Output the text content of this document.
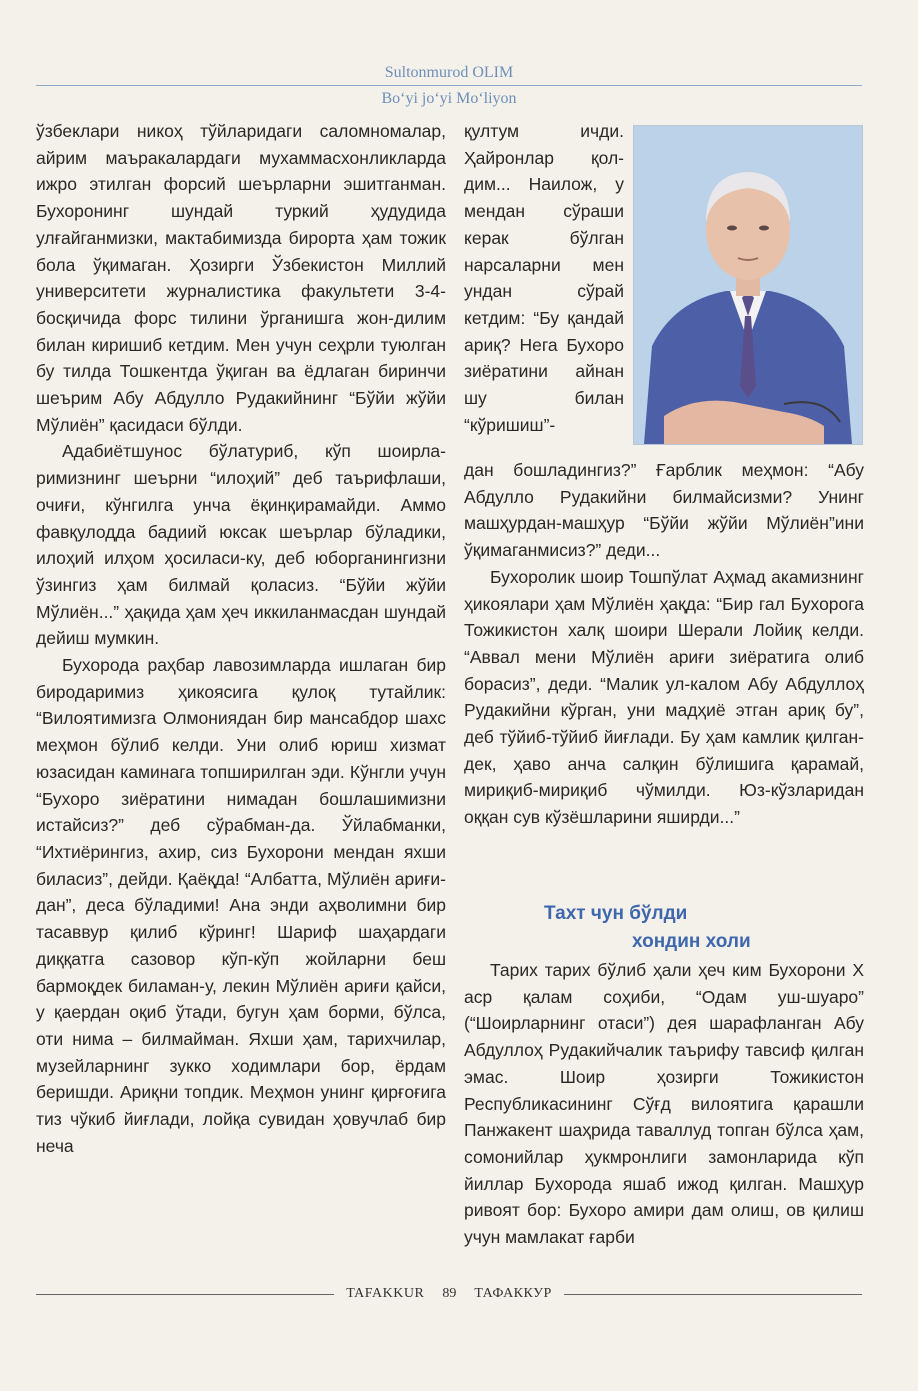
Sultonmurod OLIM
Bo‘yi jo‘yi Mo‘liyon

ўзбеклари никоҳ тўйларидаги саломномалар, айрим маъракалардаги мухаммасхонликларда ижро этилган форсий шеърларни эшитганман. Бухоронинг шундай туркий ҳудудида улғайганмизки, мактабимизда бирорта ҳам тожик бола ўқимаган. Ҳозирги Ўзбекистон Миллий университети журналистика факультети 3-4-босқичида форс тилини ўрганишга жон-дилим билан киришиб кетдим. Мен учун сеҳрли туюлган бу тилда Тошкентда ўқиган ва ёдлаган биринчи шеърим Абу Абдулло Рудакийнинг “Бўйи жўйи Мўлиён” қасидаси бўлди.

Адабиётшунос бўлатуриб, кўп шоирларимизнинг шеърни “илоҳий” деб таърифлаши, очиғи, кўнгилга унча ёқинқирамайди. Аммо фавқулодда бадиий юксак шеърлар бўладики, илоҳий илҳом ҳосиласи-ку, деб юборганингизни ўзингиз ҳам билмай қоласиз. “Бўйи жўйи Мўлиён...” ҳақида ҳам ҳеч иккиланмасдан шундай дейиш мумкин.

Бухорода раҳбар лавозимларда ишлаган бир биродаримиз ҳикоясига қулоқ тутайлик: “Вилоятимизга Олмониядан бир мансабдор шахс меҳмон бўлиб келди. Уни олиб юриш хизмат юзасидан каминага топширилган эди. Кўнгли учун “Бухоро зиёратини нимадан бошлашимизни истайсиз?” деб сўрабман-да. Ўйлабманки, “Ихтиёрингиз, ахир, сиз Бухорони мендан яхши биласиз”, дейди. Қаёқда! “Албатта, Мўлиён ариғидан”, деса бўладими! Ана энди аҳволимни бир тасаввур қилиб кўринг! Шариф шаҳардаги диққатга сазовор кўп-кўп жойларни беш бармоқдек биламан-у, лекин Мўлиён ариғи қайси, у қаердан оқиб ўтади, бугун ҳам борми, бўлса, оти нима – билмайман. Яхши ҳам, тарихчилар, музейларнинг зукко ходимлари бор, ёрдам беришди. Ариқни топдик. Меҳмон унинг қирғоғига тиз чўкиб йиғлади, лойқа сувидан ҳовучлаб бир неча

қултум ичди. Ҳайронлар қолдим... Наилож, у мендан сўраши керак бўлган нарсаларни мен ундан сўрай кетдим: “Бу қандай ариқ? Нега Бухоро зиёратини айнан шу билан “кўришиш”-

дан бошладингиз?” Ғарблик меҳмон: “Абу Абдулло Рудакийни билмайсизми? Унинг машҳурдан-машҳур “Бўйи жўйи Мўлиён”ини ўқимаганмисиз?” деди...

Бухоролик шоир Тошпўлат Аҳмад акамизнинг ҳикоялари ҳам Мўлиён ҳақда: “Бир гал Бухорога Тожикистон халқ шоири Шерали Лойиқ келди. “Аввал мени Мўлиён ариғи зиёратига олиб борасиз”, деди. “Малик ул-калом Абу Абдуллоҳ Рудакийни кўрган, уни мадҳиё этган ариқ бу”, деб тўйиб-тўйиб йиғлади. Бу ҳам камлик қилгандек, ҳаво анча салқин бўлишига қарамай, мириқиб-мириқиб чўмилди. Юз-кўзларидан оққан сув кўзёшларини яширди...”

Тахт чун бўлди
хондин холи

Тарих тарих бўлиб ҳали ҳеч ким Бухорони X аср қалам соҳиби, “Одам уш-шуаро” (“Шоирларнинг отаси”) дея шарафланган Абу Абдуллоҳ Рудакийчалик таърифу тавсиф қилган эмас. Шоир ҳозирги Тожикистон Республикасининг Сўғд вилоятига қарашли Панжакент шаҳрида таваллуд топган бўлса ҳам, сомонийлар ҳукмронлиги замонларида кўп йиллар Бухорода яшаб ижод қилган. Машҳур ривоят бор: Бухоро амири дам олиш, ов қилиш учун мамлакат ғарби

TAFAKKUR	89	ТАФАККУР
